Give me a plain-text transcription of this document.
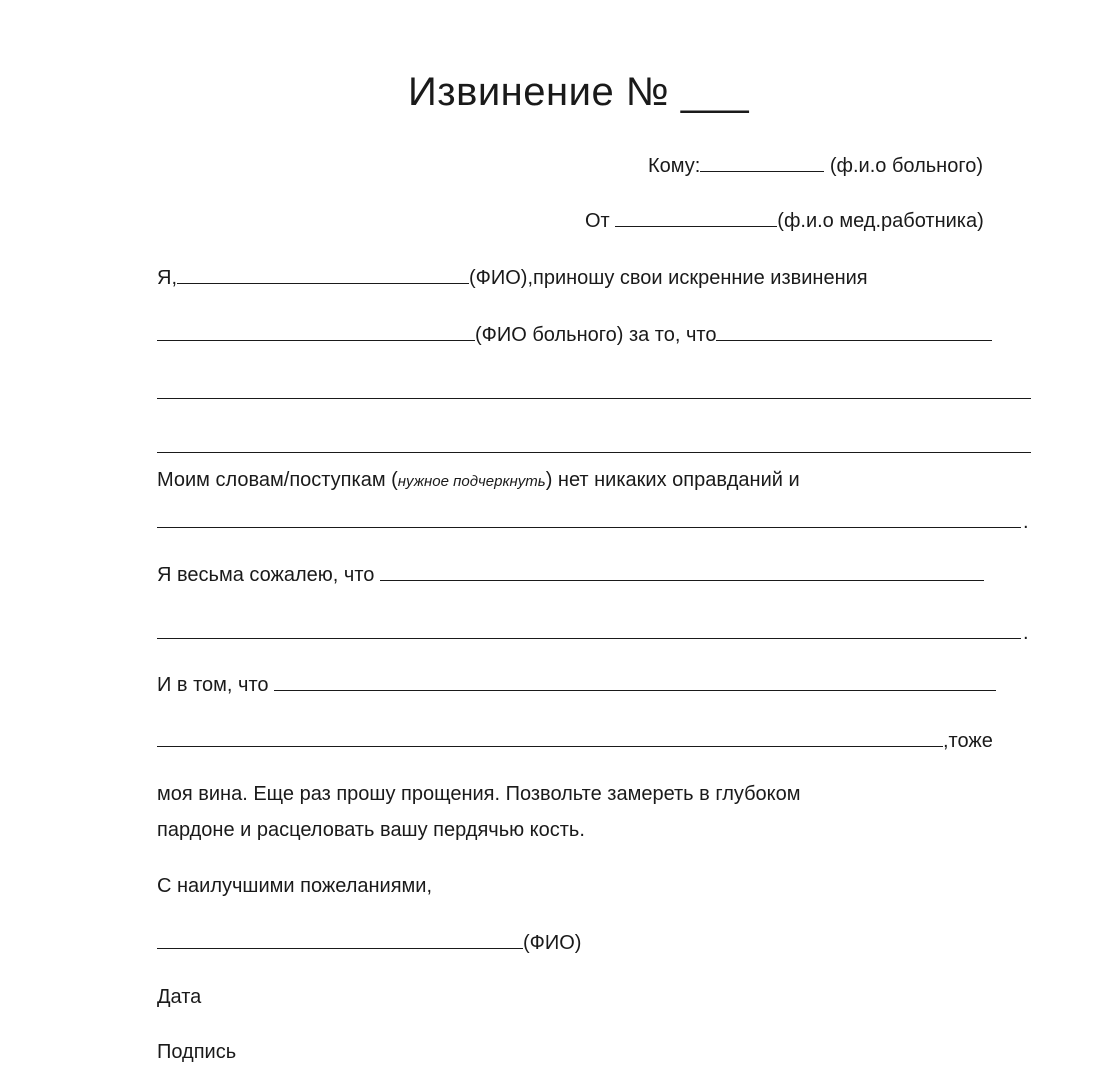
Извинение № ___
Кому:	(ф.и.о больного)
От	(ф.и.о мед.работника)
Я,	(ФИО),приношу свои искренние извинения
(ФИО больного) за то, что
Моим словам/поступкам (нужное подчеркнуть) нет никаких оправданий и
.
Я весьма сожалею, что
.
И в том, что
,тоже
моя вина. Еще раз прошу прощения. Позвольте замереть в глубоком
пардоне и расцеловать вашу пердячью кость.
С наилучшими пожеланиями,
(ФИО)
Дата
Подпись
